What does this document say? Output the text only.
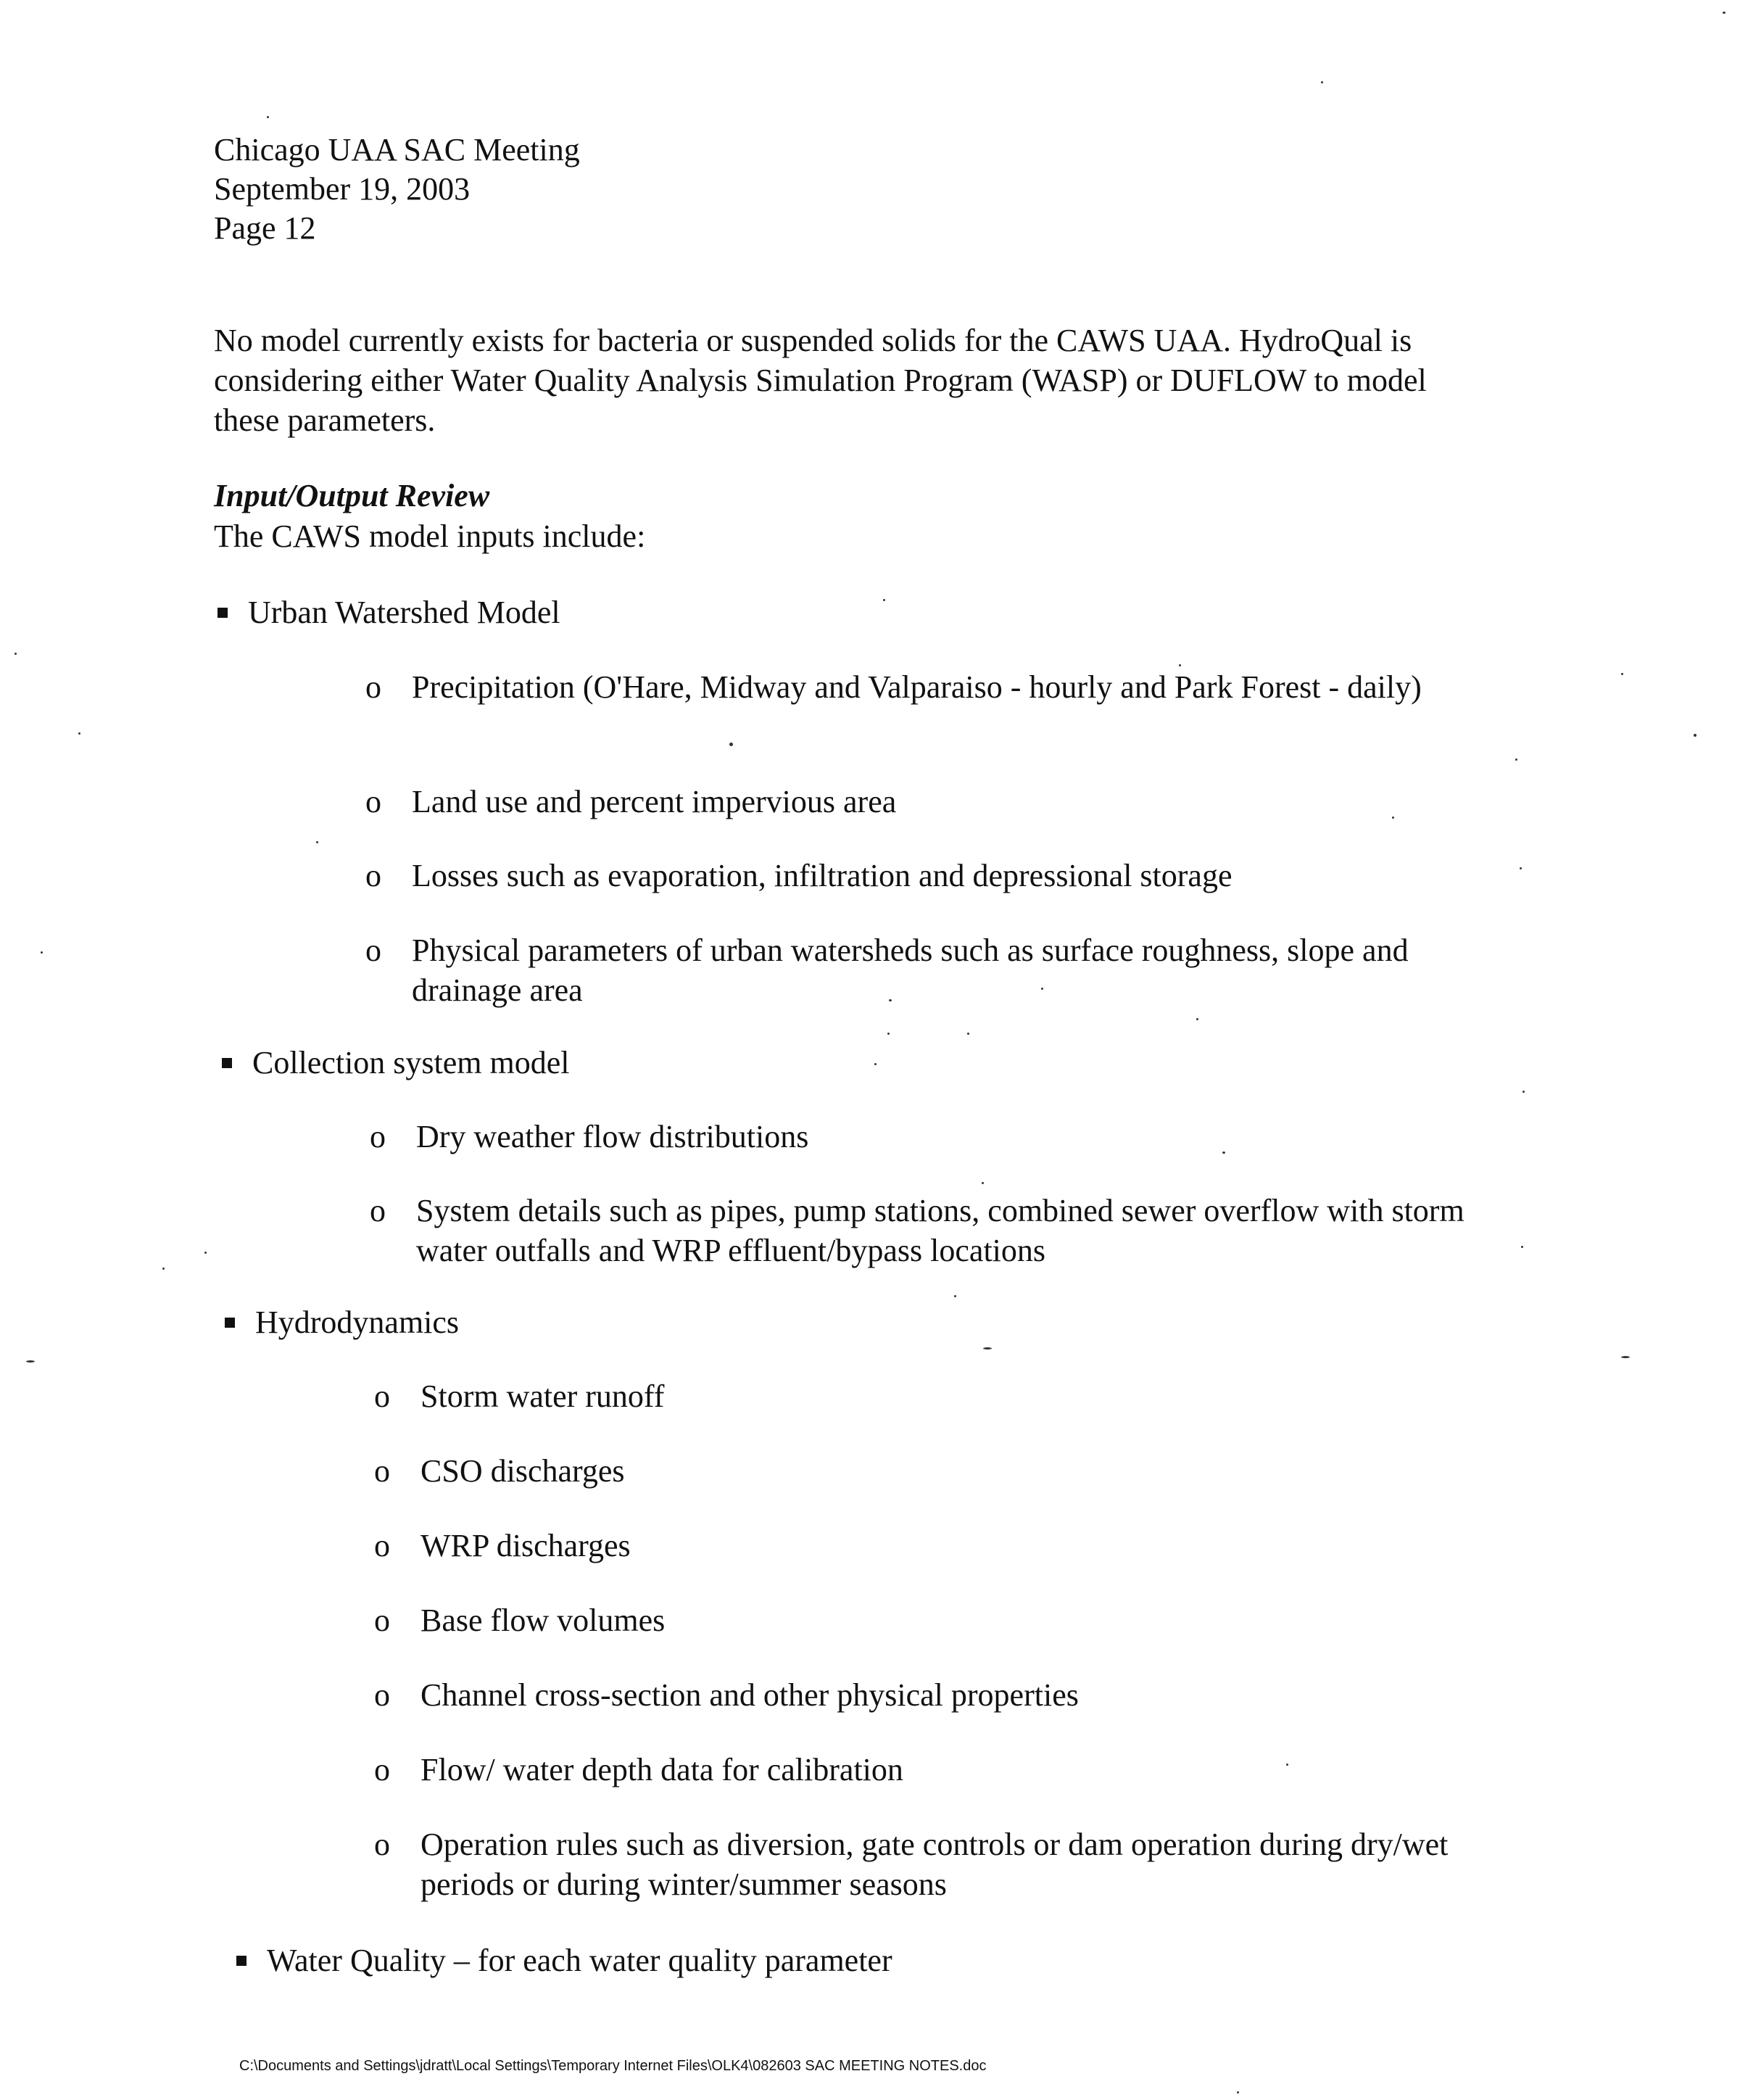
Chicago UAA SAC Meeting
September 19, 2003
Page 12
No model currently exists for bacteria or suspended solids for the CAWS UAA. HydroQual is considering either Water Quality Analysis Simulation Program (WASP) or DUFLOW to model these parameters.
Input/Output Review
The CAWS model inputs include:
Urban Watershed Model
o Precipitation (O'Hare, Midway and Valparaiso - hourly and Park Forest - daily)
o Land use and percent impervious area
o Losses such as evaporation, infiltration and depressional storage
o Physical parameters of urban watersheds such as surface roughness, slope and drainage area
Collection system model
o Dry weather flow distributions
o System details such as pipes, pump stations, combined sewer overflow with storm water outfalls and WRP effluent/bypass locations
Hydrodynamics
o Storm water runoff
o CSO discharges
o WRP discharges
o Base flow volumes
o Channel cross-section and other physical properties
o Flow/ water depth data for calibration
o Operation rules such as diversion, gate controls or dam operation during dry/wet periods or during winter/summer seasons
Water Quality – for each water quality parameter
C:\Documents and Settings\jdratt\Local Settings\Temporary Internet Files\OLK4\082603 SAC MEETING NOTES.doc
